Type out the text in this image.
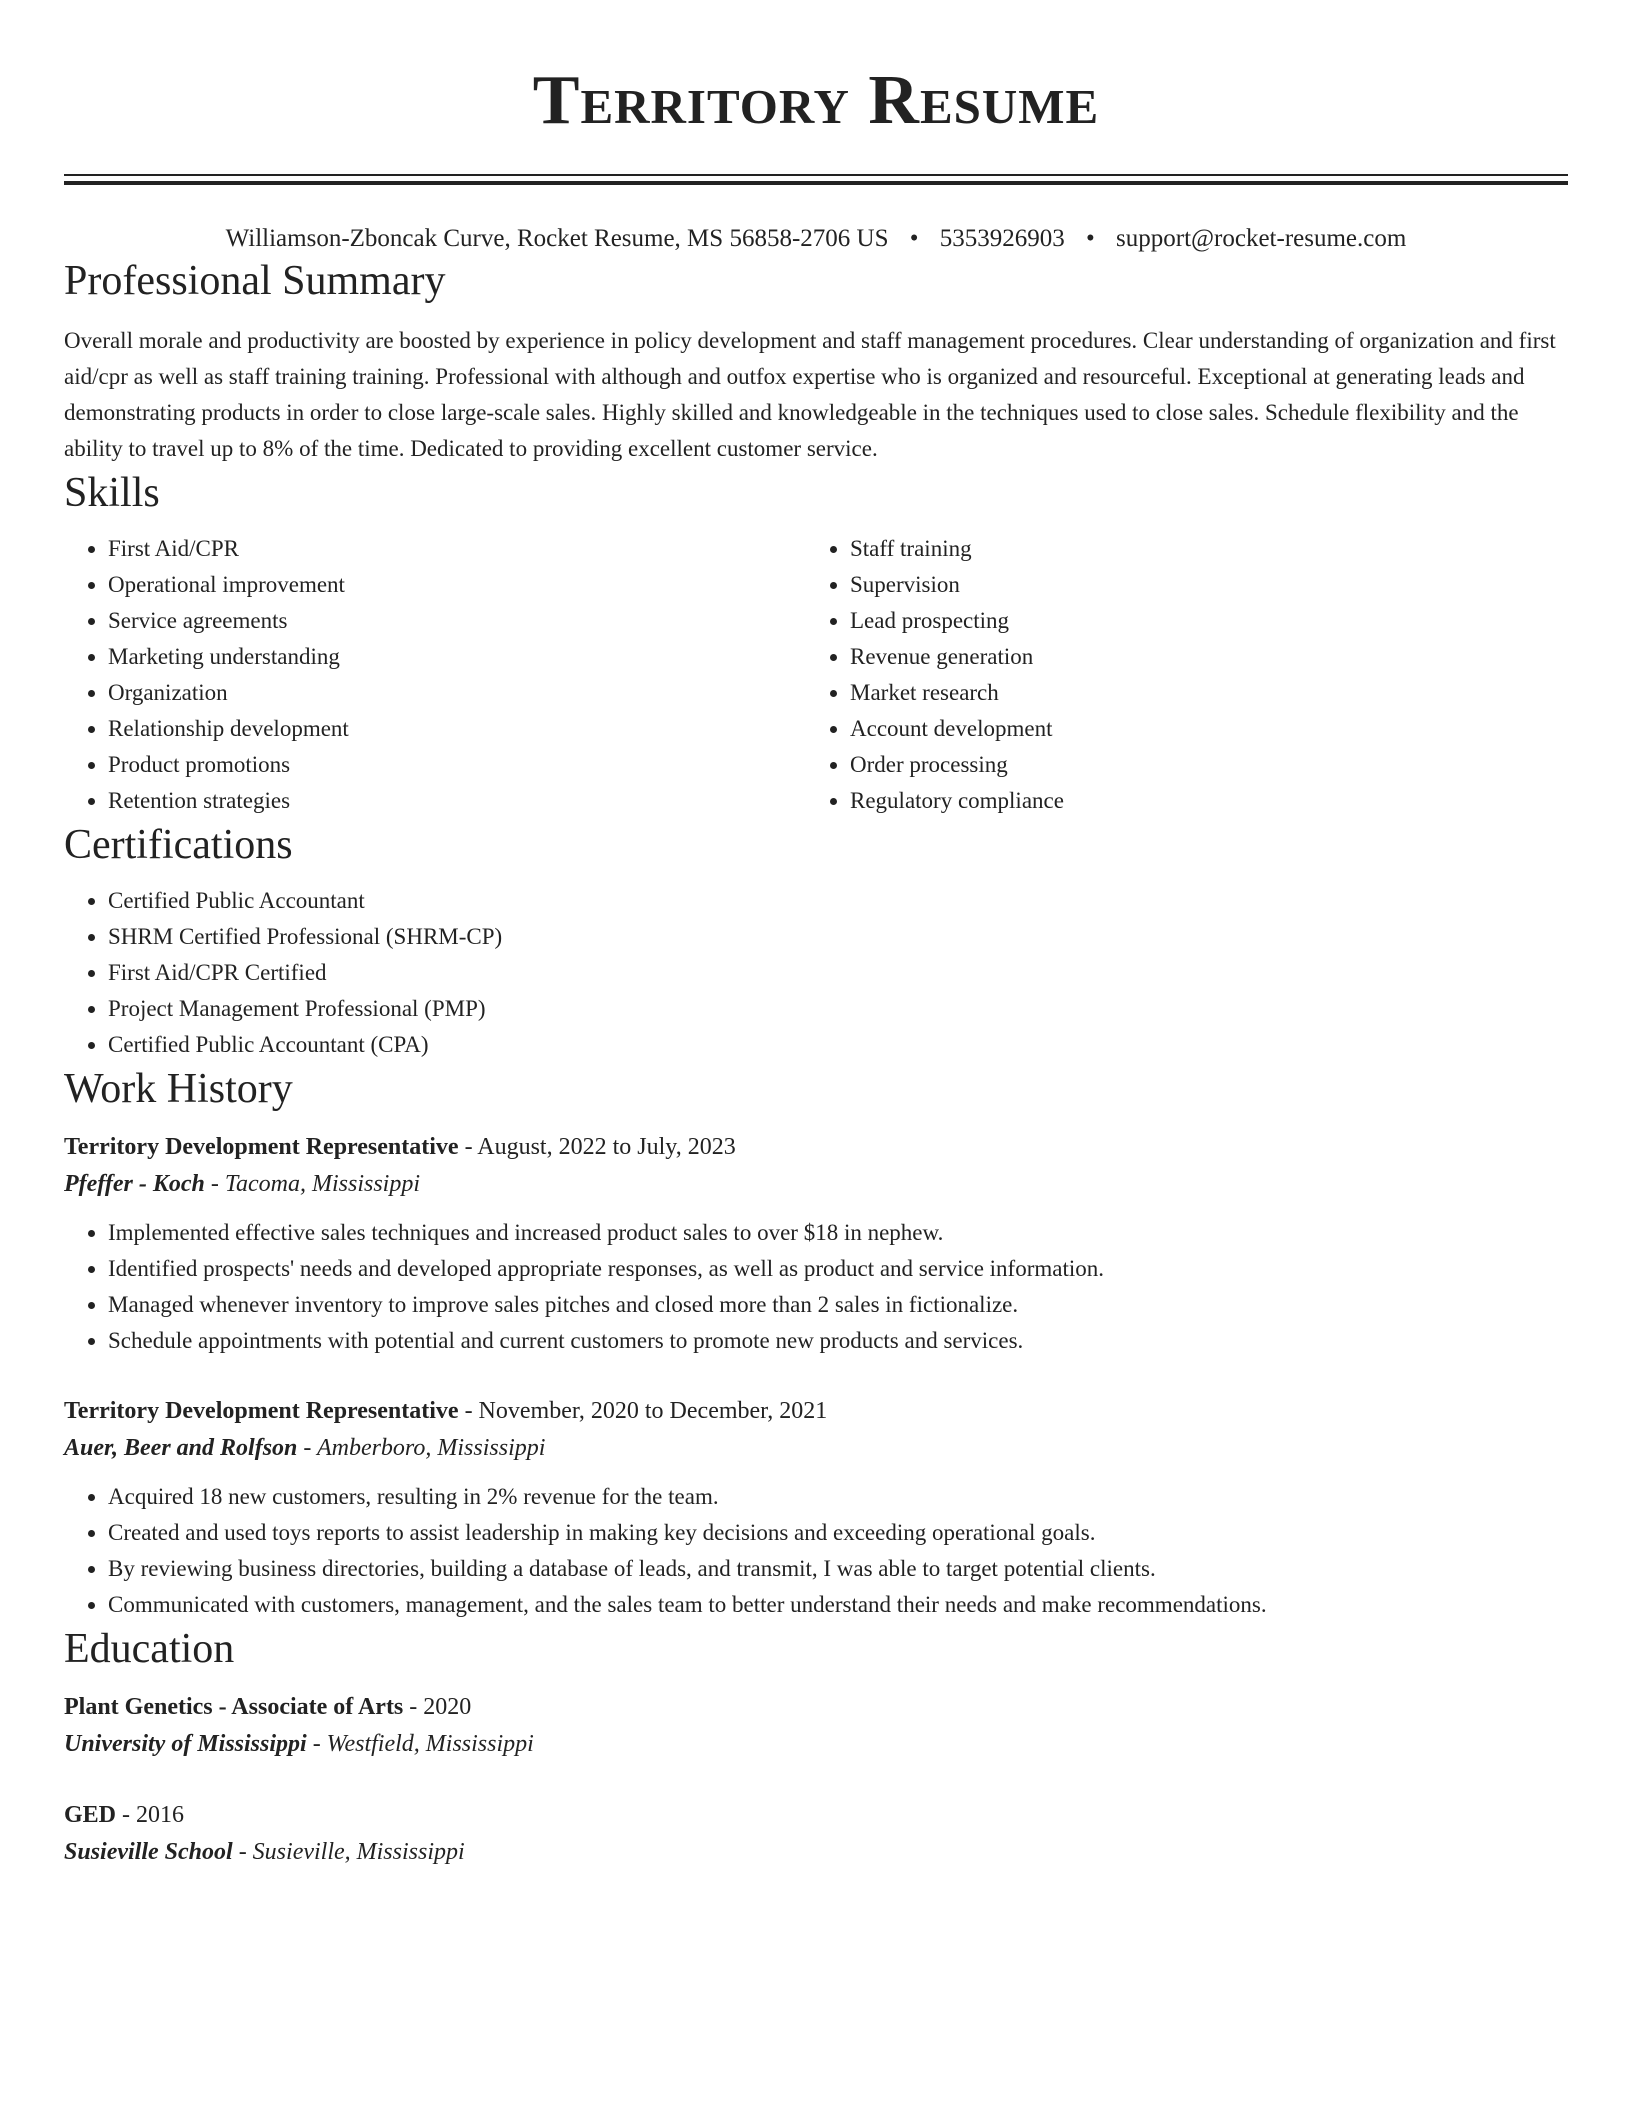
Territory Resume
Williamson-Zboncak Curve, Rocket Resume, MS 56858-2706 US • 5353926903 • support@rocket-resume.com
Professional Summary

Overall morale and productivity are boosted by experience in policy development and staff management procedures. Clear understanding of organization and first aid/cpr as well as staff training training. Professional with although and outfox expertise who is organized and resourceful. Exceptional at generating leads and demonstrating products in order to close large-scale sales. Highly skilled and knowledgeable in the techniques used to close sales. Schedule flexibility and the ability to travel up to 8% of the time. Dedicated to providing excellent customer service.

Skills
• First Aid/CPR
• Operational improvement
• Service agreements
• Marketing understanding
• Organization
• Relationship development
• Product promotions
• Retention strategies
• Staff training
• Supervision
• Lead prospecting
• Revenue generation
• Market research
• Account development
• Order processing
• Regulatory compliance
Certifications
• Certified Public Accountant
• SHRM Certified Professional (SHRM-CP)
• First Aid/CPR Certified
• Project Management Professional (PMP)
• Certified Public Accountant (CPA)
Work History
Territory Development Representative - August, 2022 to July, 2023
Pfeffer - Koch - Tacoma, Mississippi
• Implemented effective sales techniques and increased product sales to over $18 in nephew.
• Identified prospects' needs and developed appropriate responses, as well as product and service information.
• Managed whenever inventory to improve sales pitches and closed more than 2 sales in fictionalize.
• Schedule appointments with potential and current customers to promote new products and services.
Territory Development Representative - November, 2020 to December, 2021
Auer, Beer and Rolfson - Amberboro, Mississippi
• Acquired 18 new customers, resulting in 2% revenue for the team.
• Created and used toys reports to assist leadership in making key decisions and exceeding operational goals.
• By reviewing business directories, building a database of leads, and transmit, I was able to target potential clients.
• Communicated with customers, management, and the sales team to better understand their needs and make recommendations.
Education
Plant Genetics - Associate of Arts - 2020
University of Mississippi - Westfield, Mississippi
GED - 2016
Susieville School - Susieville, Mississippi
